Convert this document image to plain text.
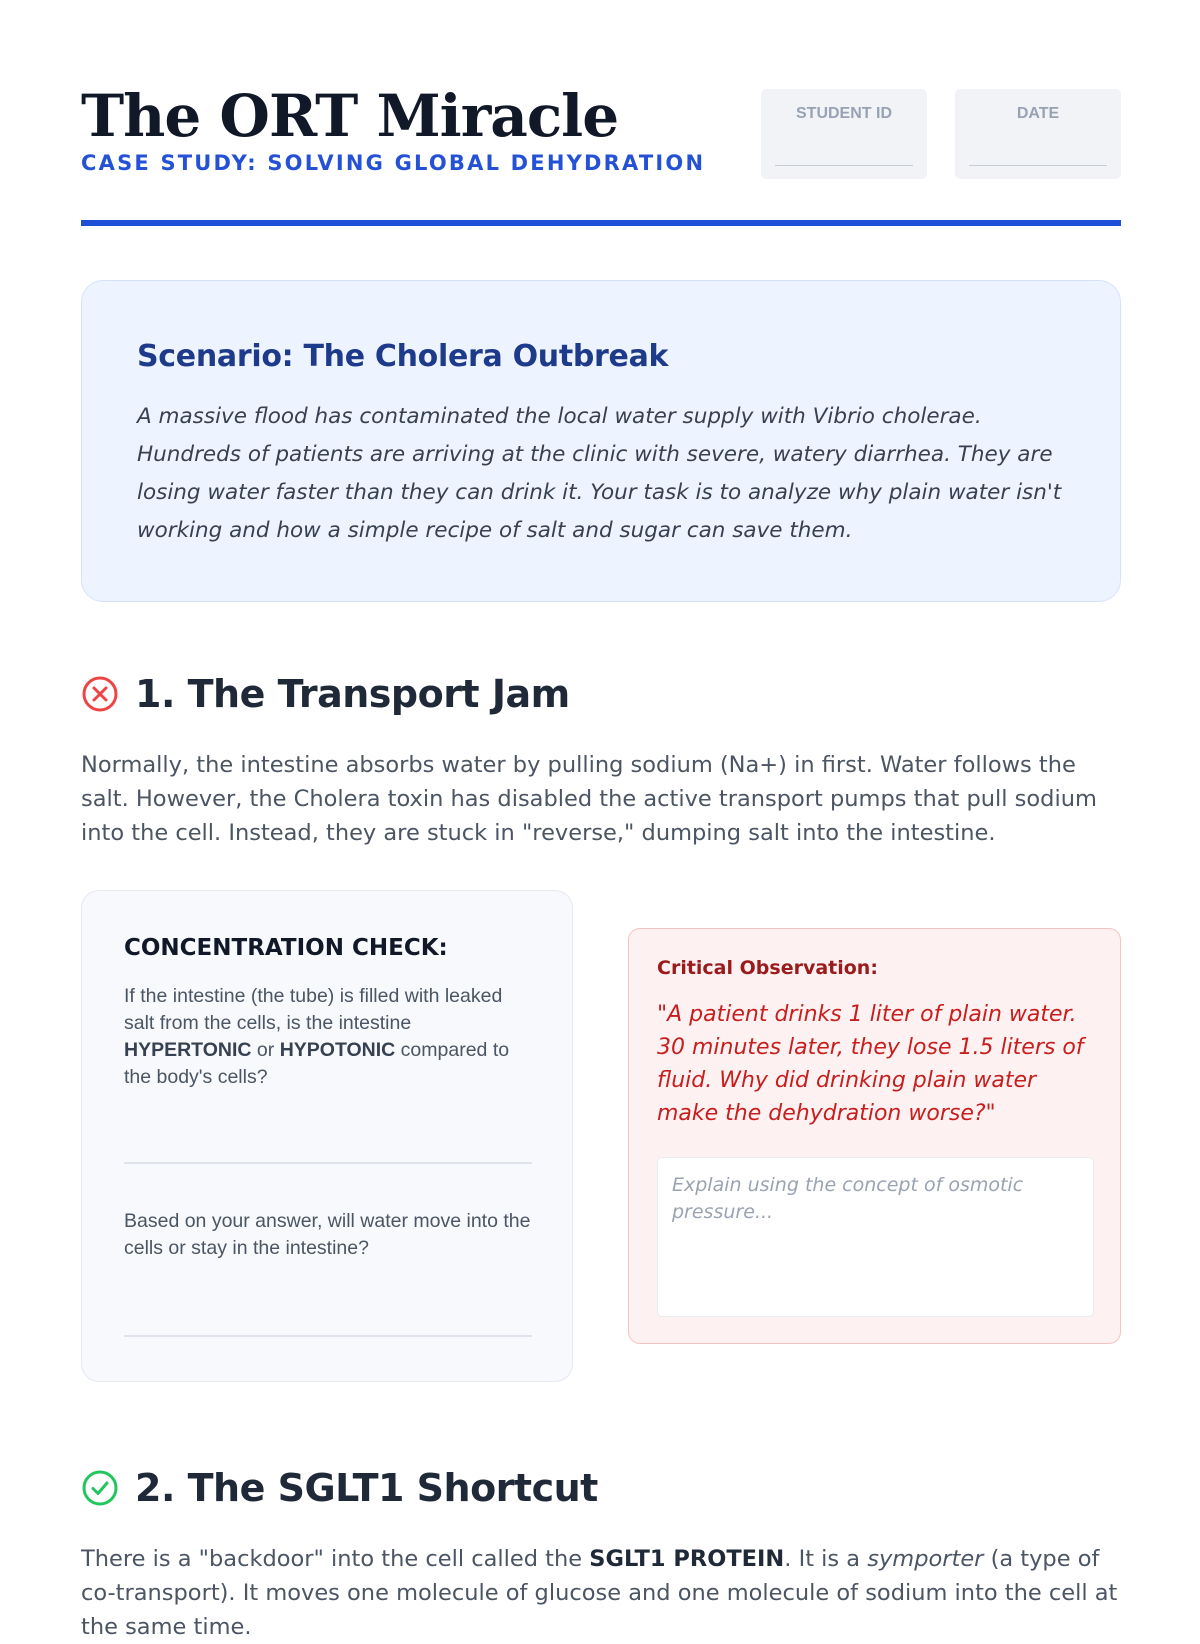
The ORT Miracle
CASE STUDY: SOLVING GLOBAL DEHYDRATION
STUDENT ID	DATE
Scenario: The Cholera Outbreak

A massive flood has contaminated the local water supply with Vibrio cholerae. Hundreds of patients are arriving at the clinic with severe, watery diarrhea. They are losing water faster than they can drink it. Your task is to analyze why plain water isn't working and how a simple recipe of salt and sugar can save them.

1. The Transport Jam
Normally, the intestine absorbs water by pulling sodium (Na+) in first. Water follows the salt. However, the Cholera toxin has disabled the active transport pumps that pull sodium into the cell. Instead, they are stuck in "reverse," dumping salt into the intestine.
CONCENTRATION CHECK:
If the intestine (the tube) is filled with leaked salt from the cells, is the intestine HYPERTONIC or HYPOTONIC compared to the body's cells?
Based on your answer, will water move into the cells or stay in the intestine?
Critical Observation:
"A patient drinks 1 liter of plain water. 30 minutes later, they lose 1.5 liters of fluid. Why did drinking plain water make the dehydration worse?"
Explain using the concept of osmotic pressure...
2. The SGLT1 Shortcut
There is a "backdoor" into the cell called the SGLT1 PROTEIN. It is a symporter (a type of co-transport). It moves one molecule of glucose and one molecule of sodium into the cell at the same time.
